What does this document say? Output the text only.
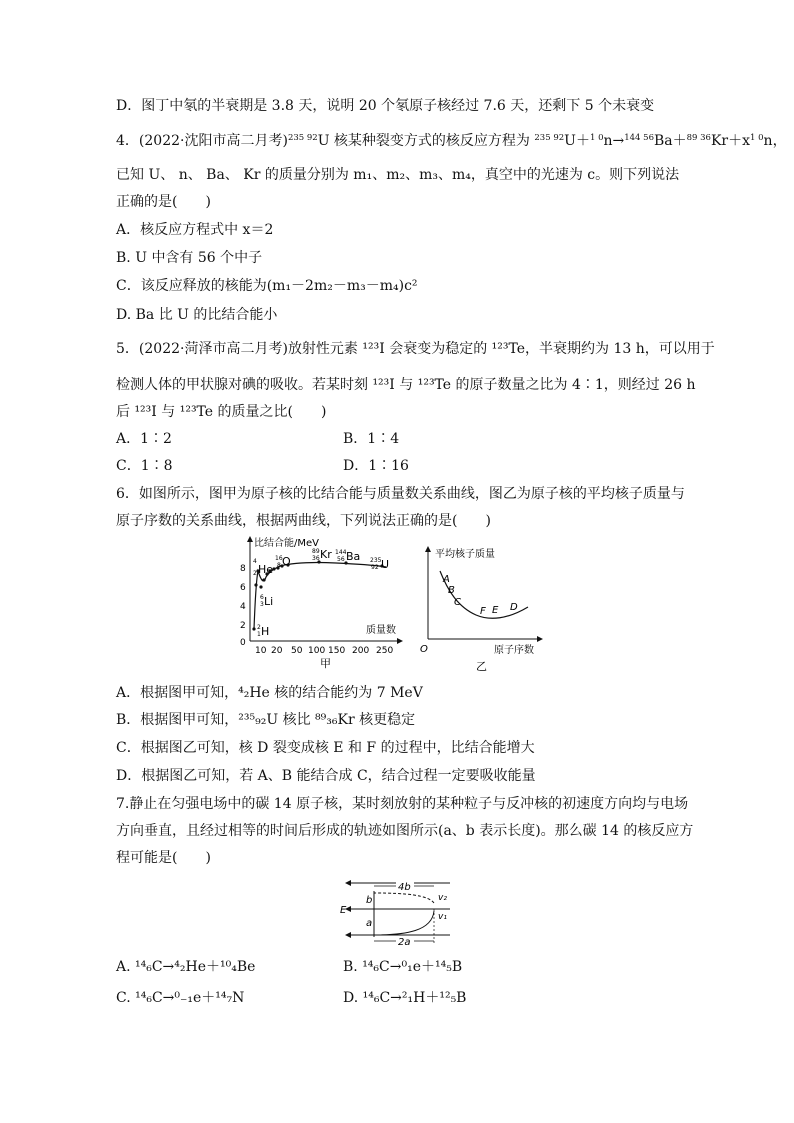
D．图丁中氡的半衰期是 3.8 天，说明 20 个氡原子核经过 7.6 天，还剩下 5 个未衰变
4．(2022·沈阳市高二月考)$^{235 92}$U 核某种裂变方式的核反应方程为 $^{235 92}U+^{1 0}n\to^{144 56}Ba+^{89 36}Kr+x^{1 0}n$，
已知 U、 n、 Ba、 Kr 的质量分别为 m₁、m₂、m₃、m₄，真空中的光速为 c。则下列说法
正确的是(　　)
A．核反应方程式中 x＝2
B. U 中含有 56 个中子
C．该反应释放的核能为(m₁－2m₂－m₃－m₄)c²
D. Ba 比 U 的比结合能小
5．(2022·菏泽市高二月考)放射性元素 ¹²³I 会衰变为稳定的 ¹²³Te，半衰期约为 13 h，可以用于
检测人体的甲状腺对碘的吸收。若某时刻 ¹²³I 与 ¹²³Te 的原子数量之比为 4∶1，则经过 26 h
后 ¹²³I 与 ¹²³Te 的质量之比(　　)
A．1∶2	B．1∶4
C．1∶8	D．1∶16
6．如图所示，图甲为原子核的比结合能与质量数关系曲线，图乙为原子核的平均核子质量与
原子序数的关系曲线，根据两曲线，下列说法正确的是(　　)
比结合能/MeV
8
6
4
2
0
10 20 50 100 150 200 250
质量数
甲
He
4
2
O
16
8
Kr
89
36 Ba
144
56	U
235
92
Li
6
3
H
2
1
平均核子质量
原子序数
O
乙
A
B
C
F E D
A．根据图甲可知，⁴₂He 核的结合能约为 7 MeV
B．根据图甲可知，²³⁵₉₂U 核比 ⁸⁹₃₆Kr 核更稳定
C．根据图乙可知，核 D 裂变成核 E 和 F 的过程中，比结合能增大
D．根据图乙可知，若 A、B 能结合成 C，结合过程一定要吸收能量
7.静止在匀强电场中的碳 14 原子核，某时刻放射的某种粒子与反冲核的初速度方向均与电场
方向垂直，且经过相等的时间后形成的轨迹如图所示(a、b 表示长度)。那么碳 14 的核反应方
程可能是(　　)
E
4b
b
a
2a
v₂
v₁
A. ¹⁴₆C→⁴₂He＋¹⁰₄Be	B. ¹⁴₆C→⁰₁e＋¹⁴₅B
C. ¹⁴₆C→⁰₋₁e＋¹⁴₇N	D. ¹⁴₆C→²₁H＋¹²₅B
